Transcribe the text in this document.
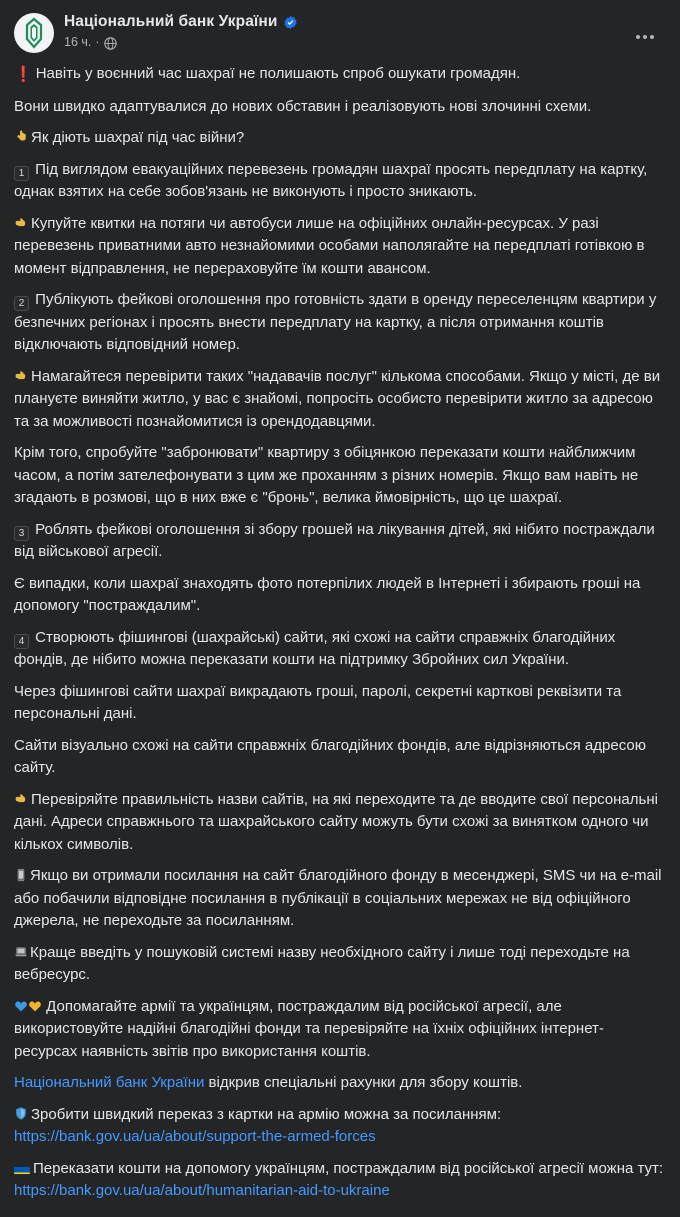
Національний банк України
16 ч. ·

❗ Навіть у воєнний час шахраї не полишають спроб ошукати громадян.

Вони швидко адаптувалися до нових обставин і реалізовують нові злочинні схеми.

Як діють шахраї під час війни?

1 Під виглядом евакуаційних перевезень громадян шахраї просять передплату на картку, однак взятих на себе зобов'язань не виконують і просто зникають.

Купуйте квитки на потяги чи автобуси лише на офіційних онлайн-ресурсах. У разі перевезень приватними авто незнайомими особами наполягайте на передплаті готівкою в момент відправлення, не перераховуйте їм кошти авансом.

2 Публікують фейкові оголошення про готовність здати в оренду переселенцям квартири у безпечних регіонах і просять внести передплату на картку, а після отримання коштів відключають відповідний номер.

Намагайтеся перевірити таких "надавачів послуг" кількома способами. Якщо у місті, де ви плануєте виняйти житло, у вас є знайомі, попросіть особисто перевірити житло за адресою та за можливості познайомитися із орендодавцями.

Крім того, спробуйте "забронювати" квартиру з обіцянкою переказати кошти найближчим часом, а потім зателефонувати з цим же проханням з різних номерів. Якщо вам навіть не згадають в розмові, що в них вже є "бронь", велика ймовірність, що це шахраї.

3 Роблять фейкові оголошення зі збору грошей на лікування дітей, які нібито постраждали від військової агресії.

Є випадки, коли шахраї знаходять фото потерпілих людей в Інтернеті і збирають гроші на допомогу "постраждалим".

4 Створюють фішингові (шахрайські) сайти, які схожі на сайти справжніх благодійних фондів, де нібито можна переказати кошти на підтримку Збройних сил України.

Через фішингові сайти шахраї викрадають гроші, паролі, секретні карткові реквізити та персональні дані.

Сайти візуально схожі на сайти справжніх благодійних фондів, але відрізняються адресою сайту.

Перевіряйте правильність назви сайтів, на які переходите та де вводите свої персональні дані. Адреси справжнього та шахрайського сайту можуть бути схожі за винятком одного чи кількох символів.

Якщо ви отримали посилання на сайт благодійного фонду в месенджері, SMS чи на e-mail або побачили відповідне посилання в публікації в соціальних мережах не від офіційного джерела, не переходьте за посиланням.

Краще введіть у пошуковій системі назву необхідного сайту і лише тоді переходьте на вебресурс.

Допомагайте армії та українцям, постраждалим від російської агресії, але використовуйте надійні благодійні фонди та перевіряйте на їхніх офіційних інтернет-ресурсах наявність звітів про використання коштів.

Національний банк України відкрив спеціальні рахунки для збору коштів.

Зробити швидкий переказ з картки на армію можна за посиланням:
https://bank.gov.ua/ua/about/support-the-armed-forces

Переказати кошти на допомогу українцям, постраждалим від російської агресії можна тут:
https://bank.gov.ua/ua/about/humanitarian-aid-to-ukraine
